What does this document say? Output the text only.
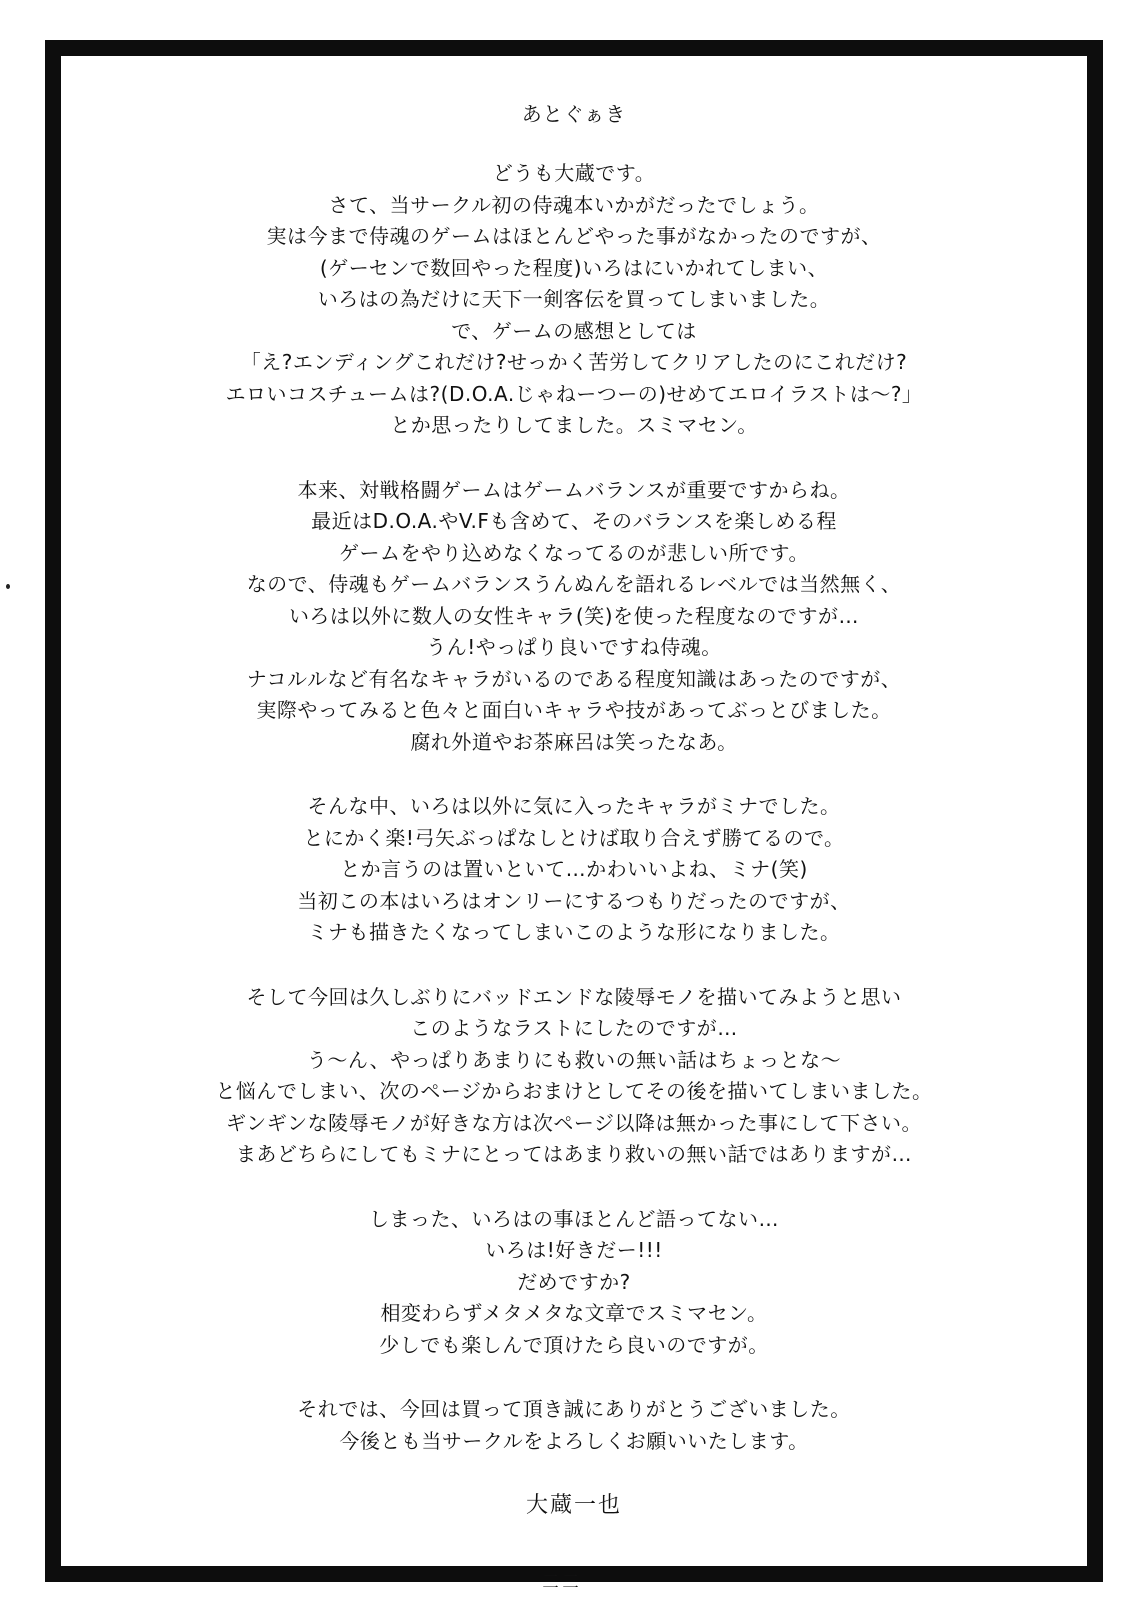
あとぐぁき
どうも大蔵です。
さて、当サークル初の侍魂本いかがだったでしょう。
実は今まで侍魂のゲームはほとんどやった事がなかったのですが、
(ゲーセンで数回やった程度)いろはにいかれてしまい、
いろはの為だけに天下一剣客伝を買ってしまいました。
で、ゲームの感想としては
「え?エンディングこれだけ?せっかく苦労してクリアしたのにこれだけ?
エロいコスチュームは?(D.O.A.じゃねーつーの)せめてエロイラストは〜?」
とか思ったりしてました。スミマセン。
本来、対戦格闘ゲームはゲームバランスが重要ですからね。
最近はD.O.A.やV.Fも含めて、そのバランスを楽しめる程
ゲームをやり込めなくなってるのが悲しい所です。
なので、侍魂もゲームバランスうんぬんを語れるレベルでは当然無く、
いろは以外に数人の女性キャラ(笑)を使った程度なのですが…
うん!やっぱり良いですね侍魂。
ナコルルなど有名なキャラがいるのである程度知識はあったのですが、
実際やってみると色々と面白いキャラや技があってぶっとびました。
腐れ外道やお茶麻呂は笑ったなあ。
そんな中、いろは以外に気に入ったキャラがミナでした。
とにかく楽!弓矢ぶっぱなしとけば取り合えず勝てるので。
とか言うのは置いといて…かわいいよね、ミナ(笑)
当初この本はいろはオンリーにするつもりだったのですが、
ミナも描きたくなってしまいこのような形になりました。
そして今回は久しぶりにバッドエンドな陵辱モノを描いてみようと思い
このようなラストにしたのですが…
う〜ん、やっぱりあまりにも救いの無い話はちょっとな〜
と悩んでしまい、次のページからおまけとしてその後を描いてしまいました。
ギンギンな陵辱モノが好きな方は次ページ以降は無かった事にして下さい。
まあどちらにしてもミナにとってはあまり救いの無い話ではありますが…
しまった、いろはの事ほとんど語ってない…
いろは!好きだー!!!
だめですか?
相変わらずメタメタな文章でスミマセン。
少しでも楽しんで頂けたら良いのですが。
それでは、今回は買って頂き誠にありがとうございました。
今後とも当サークルをよろしくお願いいたします。
大蔵一也
三三
